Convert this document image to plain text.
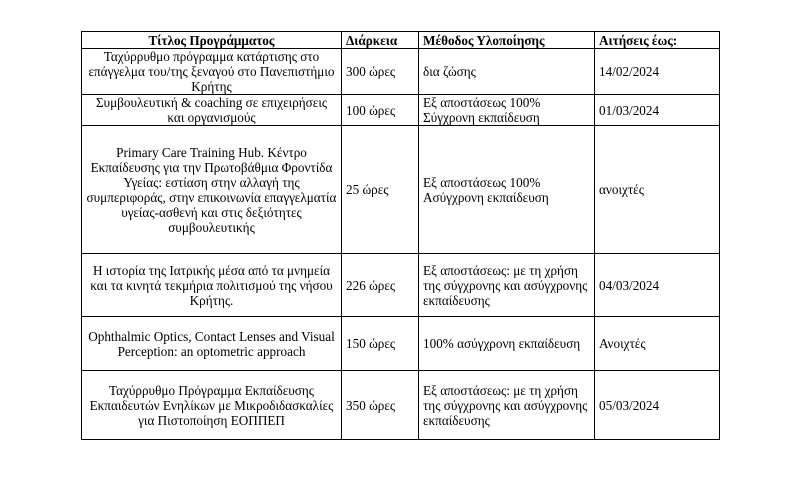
Τίτλος Προγράμματος	Διάρκεια	Μέθοδος Υλοποίησης	Αιτήσεις έως:
Ταχύρρυθμο πρόγραμμα κατάρτισης στο επάγγελμα του/της ξεναγού στο Πανεπιστήμιο Κρήτης	300 ώρες	δια ζώσης	14/02/2024
Συμβουλευτική & coaching σε επιχειρήσεις και οργανισμούς	100 ώρες	Εξ αποστάσεως 100% Σύγχρονη εκπαίδευση	01/03/2024
Primary Care Training Hub. Κέντρο Εκπαίδευσης για την Πρωτοβάθμια Φροντίδα Υγείας: εστίαση στην αλλαγή της συμπεριφοράς, στην επικοινωνία επαγγελματία υγείας-ασθενή και στις δεξιότητες συμβουλευτικής	25 ώρες	Εξ αποστάσεως 100% Ασύγχρονη εκπαίδευση	ανοιχτές
Η ιστορία της Ιατρικής μέσα από τα μνημεία και τα κινητά τεκμήρια πολιτισμού της νήσου Κρήτης.	226 ώρες	Εξ αποστάσεως: με τη χρήση της σύγχρονης και ασύγχρονης εκπαίδευσης	04/03/2024
Ophthalmic Optics, Contact Lenses and Visual Perception: an optometric approach	150 ώρες	100% ασύγχρονη εκπαίδευση	Ανοιχτές
Ταχύρρυθμο Πρόγραμμα Εκπαίδευσης Εκπαιδευτών Ενηλίκων με Μικροδιδασκαλίες για Πιστοποίηση ΕΟΠΠΕΠ	350 ώρες	Εξ αποστάσεως: με τη χρήση της σύγχρονης και ασύγχρονης εκπαίδευσης	05/03/2024
